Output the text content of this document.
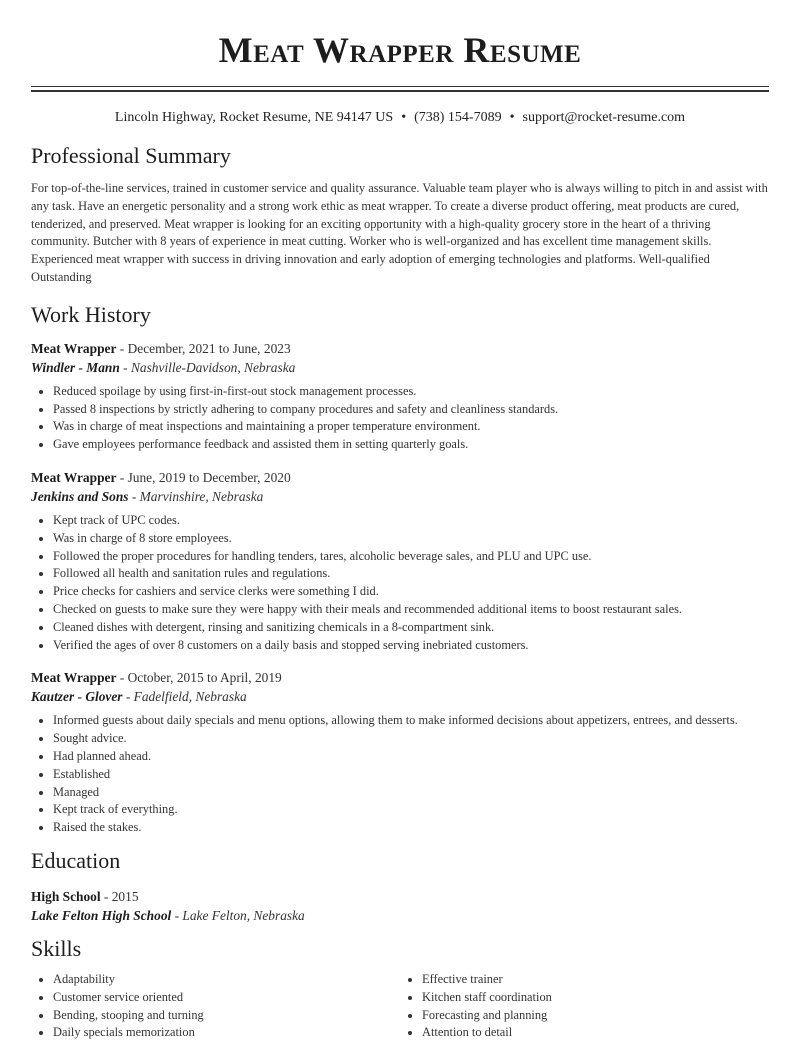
Meat Wrapper Resume
Lincoln Highway, Rocket Resume, NE 94147 US • (738) 154-7089 • support@rocket-resume.com
Professional Summary

For top-of-the-line services, trained in customer service and quality assurance. Valuable team player who is always willing to pitch in and assist with any task. Have an energetic personality and a strong work ethic as meat wrapper. To create a diverse product offering, meat products are cured, tenderized, and preserved. Meat wrapper is looking for an exciting opportunity with a high-quality grocery store in the heart of a thriving community. Butcher with 8 years of experience in meat cutting. Worker who is well-organized and has excellent time management skills. Experienced meat wrapper with success in driving innovation and early adoption of emerging technologies and platforms. Well-qualified Outstanding

Work History
Meat Wrapper - December, 2021 to June, 2023
Windler - Mann - Nashville-Davidson, Nebraska
• Reduced spoilage by using first-in-first-out stock management processes.
• Passed 8 inspections by strictly adhering to company procedures and safety and cleanliness standards.
• Was in charge of meat inspections and maintaining a proper temperature environment.
• Gave employees performance feedback and assisted them in setting quarterly goals.
Meat Wrapper - June, 2019 to December, 2020
Jenkins and Sons - Marvinshire, Nebraska
• Kept track of UPC codes.
• Was in charge of 8 store employees.
• Followed the proper procedures for handling tenders, tares, alcoholic beverage sales, and PLU and UPC use.
• Followed all health and sanitation rules and regulations.
• Price checks for cashiers and service clerks were something I did.
• Checked on guests to make sure they were happy with their meals and recommended additional items to boost restaurant sales.
• Cleaned dishes with detergent, rinsing and sanitizing chemicals in a 8-compartment sink.
• Verified the ages of over 8 customers on a daily basis and stopped serving inebriated customers.
Meat Wrapper - October, 2015 to April, 2019
Kautzer - Glover - Fadelfield, Nebraska
• Informed guests about daily specials and menu options, allowing them to make informed decisions about appetizers, entrees, and desserts.
• Sought advice.
• Had planned ahead.
• Established
• Managed
• Kept track of everything.
• Raised the stakes.
Education
High School - 2015
Lake Felton High School - Lake Felton, Nebraska
Skills
• Adaptability
• Customer service oriented
• Bending, stooping and turning
• Daily specials memorization
• Effective trainer
• Kitchen staff coordination
• Forecasting and planning
• Attention to detail
